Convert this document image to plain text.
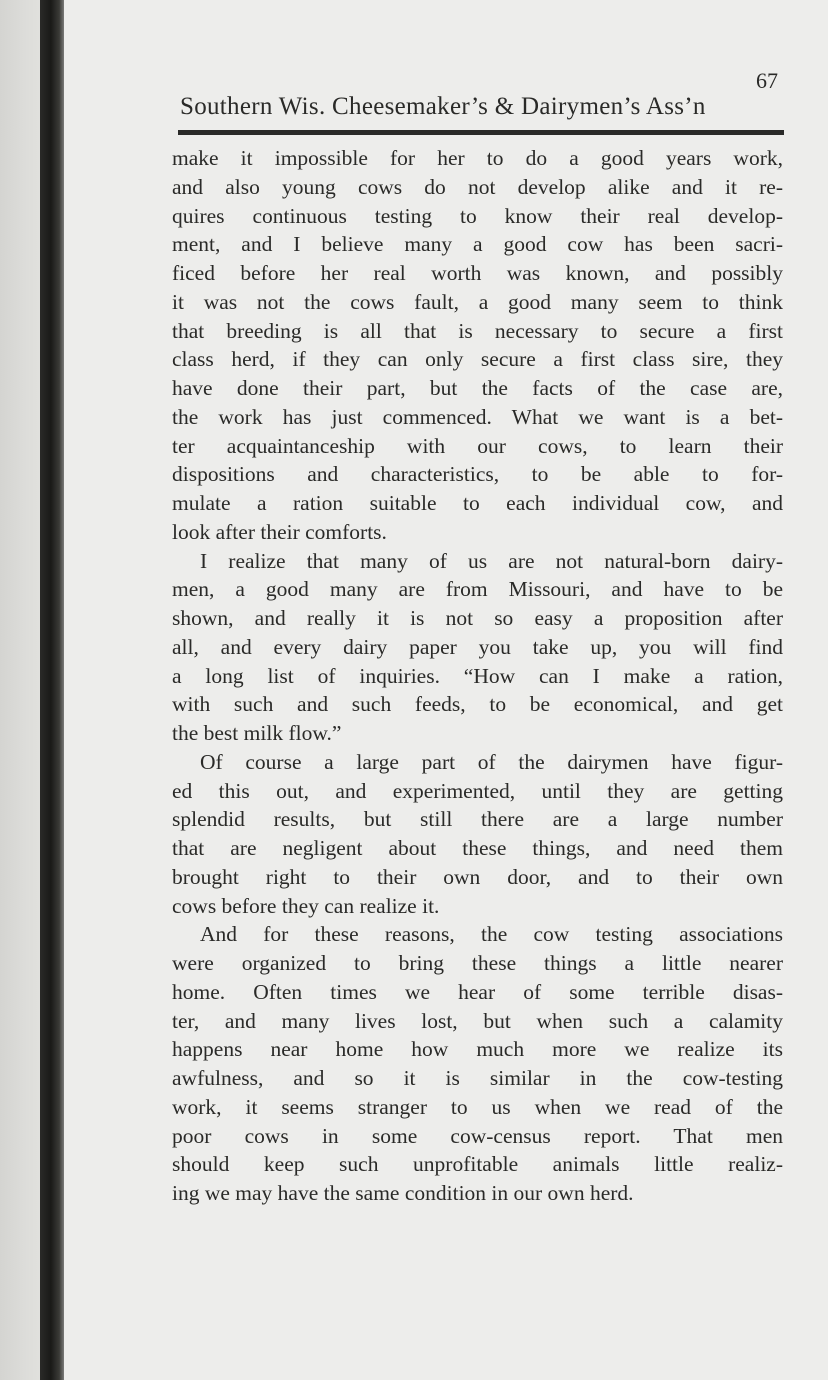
67
Southern Wis. Cheesemaker’s & Dairymen’s Ass’n
make it impossible for her to do a good years work,
and also young cows do not develop alike and it re-
quires continuous testing to know their real develop-
ment, and I believe many a good cow has been sacri-
ficed before her real worth was known, and possibly
it was not the cows fault, a good many seem to think
that breeding is all that is necessary to secure a first
class herd, if they can only secure a first class sire, they
have done their part, but the facts of the case are,
the work has just commenced. What we want is a bet-
ter acquaintanceship with our cows, to learn their
dispositions and characteristics, to be able to for-
mulate a ration suitable to each individual cow, and
look after their comforts.
I realize that many of us are not natural-born dairy-
men, a good many are from Missouri, and have to be
shown, and really it is not so easy a proposition after
all, and every dairy paper you take up, you will find
a long list of inquiries. “How can I make a ration,
with such and such feeds, to be economical, and get
the best milk flow.”
Of course a large part of the dairymen have figur-
ed this out, and experimented, until they are getting
splendid results, but still there are a large number
that are negligent about these things, and need them
brought right to their own door, and to their own
cows before they can realize it.
And for these reasons, the cow testing associations
were organized to bring these things a little nearer
home. Often times we hear of some terrible disas-
ter, and many lives lost, but when such a calamity
happens near home how much more we realize its
awfulness, and so it is similar in the cow-testing
work, it seems stranger to us when we read of the
poor cows in some cow-census report. That men
should keep such unprofitable animals little realiz-
ing we may have the same condition in our own herd.
